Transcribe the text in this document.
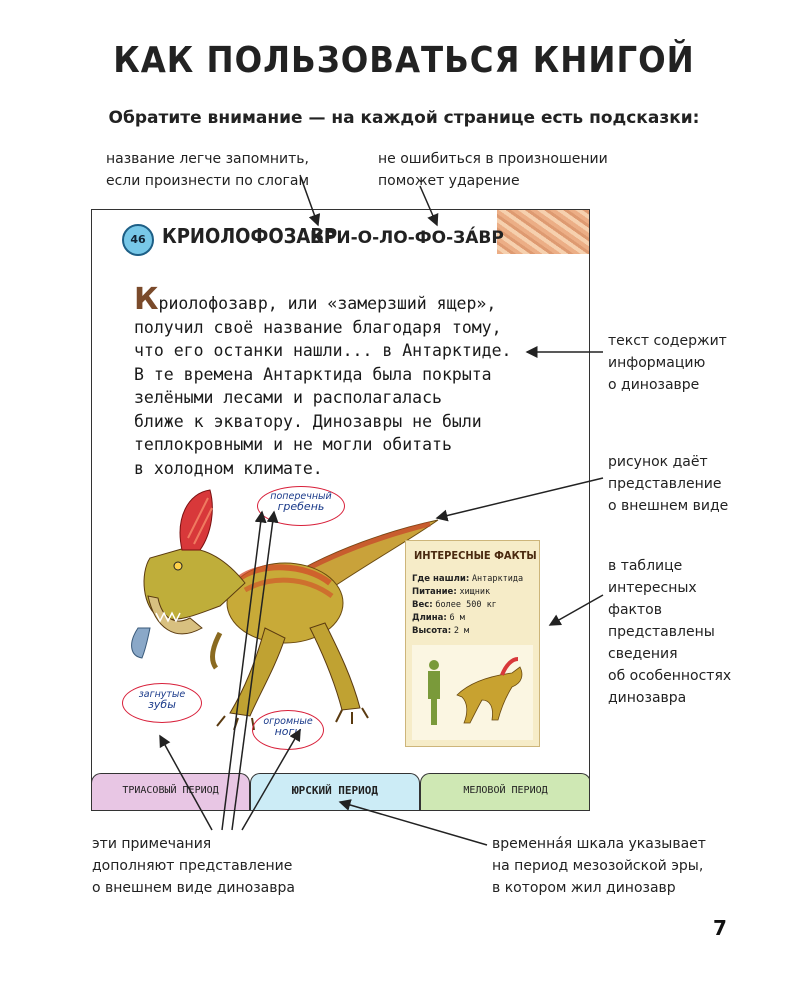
КАК ПОЛЬЗОВАТЬСЯ КНИГОЙ
Обратите внимание — на каждой странице есть подсказки:
название легче запомнить,
если произнести по слогам
не ошибиться в произношении
поможет ударение
текст содержит
информацию
о динозавре
рисунок даёт
представление
о внешнем виде
в таблице
интересных
фактов
представлены
сведения
об особенностях
динозавра
эти примечания
дополняют представление
о внешнем виде динозавра
временна́я шкала указывает
на период мезозойской эры,
в котором жил динозавр
46 КРИОЛОФОЗАВР
КРИ-О-ЛО-ФО-ЗА́ВР
Криолофозавр, или «замерзший ящер»,
получил своё название благодаря тому,
что его останки нашли... в Антарктиде.
В те времена Антарктида была покрыта
зелёными лесами и располагалась
ближе к экватору. Динозавры не были
теплокровными и не могли обитать
в холодном климате.
поперечный
гребень
загнутые
зубы
огромные
ноги
ИНТЕРЕСНЫЕ ФАКТЫ
Где нашли: Антарктида
Питание: хищник
Вес: более 500 кг
Длина: 6 м
Высота: 2 м
ТРИАСОВЫЙ ПЕРИОД	ЮРСКИЙ ПЕРИОД	МЕЛОВОЙ ПЕРИОД
7
